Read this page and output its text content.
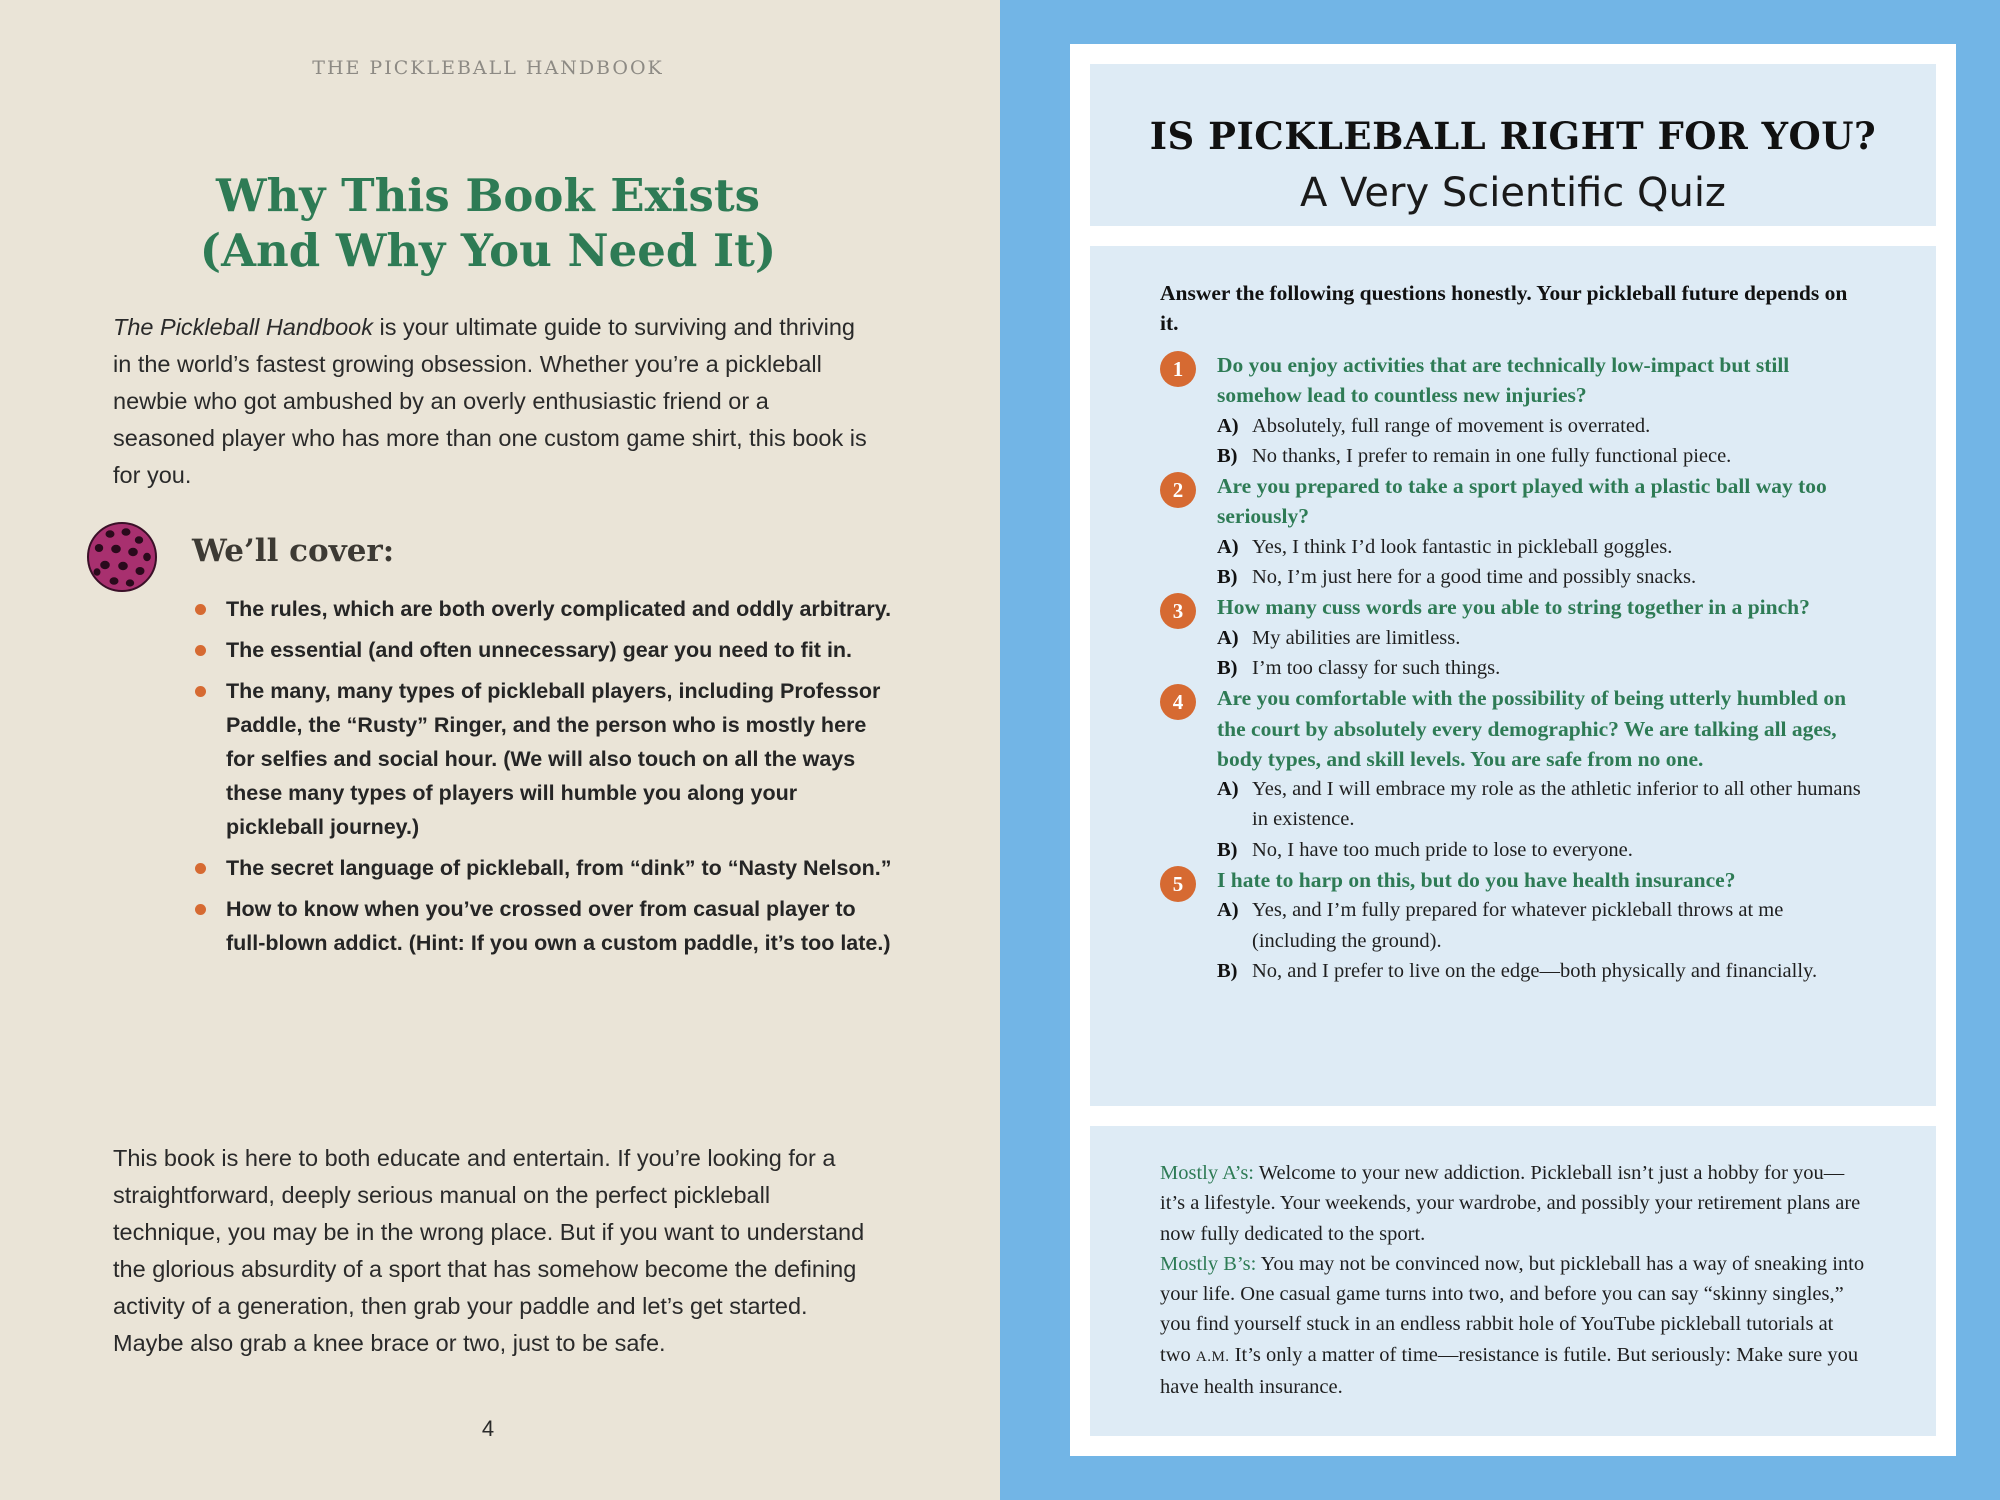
THE PICKLEBALL HANDBOOK
Why This Book Exists
(And Why You Need It)

The Pickleball Handbook is your ultimate guide to surviving and thriving in the world’s fastest growing obsession. Whether you’re a pickleball newbie who got ambushed by an overly enthusiastic friend or a seasoned player who has more than one custom game shirt, this book is for you.

We’ll cover:
The rules, which are both overly complicated and oddly arbitrary.
The essential (and often unnecessary) gear you need to fit in.
The many, many types of pickleball players, including Professor Paddle, the “Rusty” Ringer, and the person who is mostly here for selfies and social hour. (We will also touch on all the ways these many types of players will humble you along your pickleball journey.)
The secret language of pickleball, from “dink” to “Nasty Nelson.”
How to know when you’ve crossed over from casual player to full-blown addict. (Hint: If you own a custom paddle, it’s too late.)

This book is here to both educate and entertain. If you’re looking for a straightforward, deeply serious manual on the perfect pickleball technique, you may be in the wrong place. But if you want to understand the glorious absurdity of a sport that has somehow become the defining activity of a generation, then grab your paddle and let’s get started. Maybe also grab a knee brace or two, just to be safe.

4
IS PICKLEBALL RIGHT FOR YOU?
A Very Scientific Quiz

Answer the following questions honestly. Your pickleball future depends on it.

1	Do you enjoy activities that are technically low-impact but still somehow lead to countless new injuries?
A) Absolutely, full range of movement is overrated.
B) No thanks, I prefer to remain in one fully functional piece.
2	Are you prepared to take a sport played with a plastic ball way too seriously?
A) Yes, I think I’d look fantastic in pickleball goggles.
B) No, I’m just here for a good time and possibly snacks.
3	How many cuss words are you able to string together in a pinch?
A) My abilities are limitless.
B) I’m too classy for such things.
4	Are you comfortable with the possibility of being utterly humbled on the court by absolutely every demographic? We are talking all ages, body types, and skill levels. You are safe from no one.
A) Yes, and I will embrace my role as the athletic inferior to all other humans in existence.
B) No, I have too much pride to lose to everyone.
5	I hate to harp on this, but do you have health insurance?
A) Yes, and I’m fully prepared for whatever pickleball throws at me (including the ground).
B) No, and I prefer to live on the edge—both physically and financially.

Mostly A’s: Welcome to your new addiction. Pickleball isn’t just a hobby for you—it’s a lifestyle. Your weekends, your wardrobe, and possibly your retirement plans are now fully dedicated to the sport.

Mostly B’s: You may not be convinced now, but pickleball has a way of sneaking into your life. One casual game turns into two, and before you can say “skinny singles,” you find yourself stuck in an endless rabbit hole of YouTube pickleball tutorials at two A.M. It’s only a matter of time—resistance is futile. But seriously: Make sure you have health insurance.
